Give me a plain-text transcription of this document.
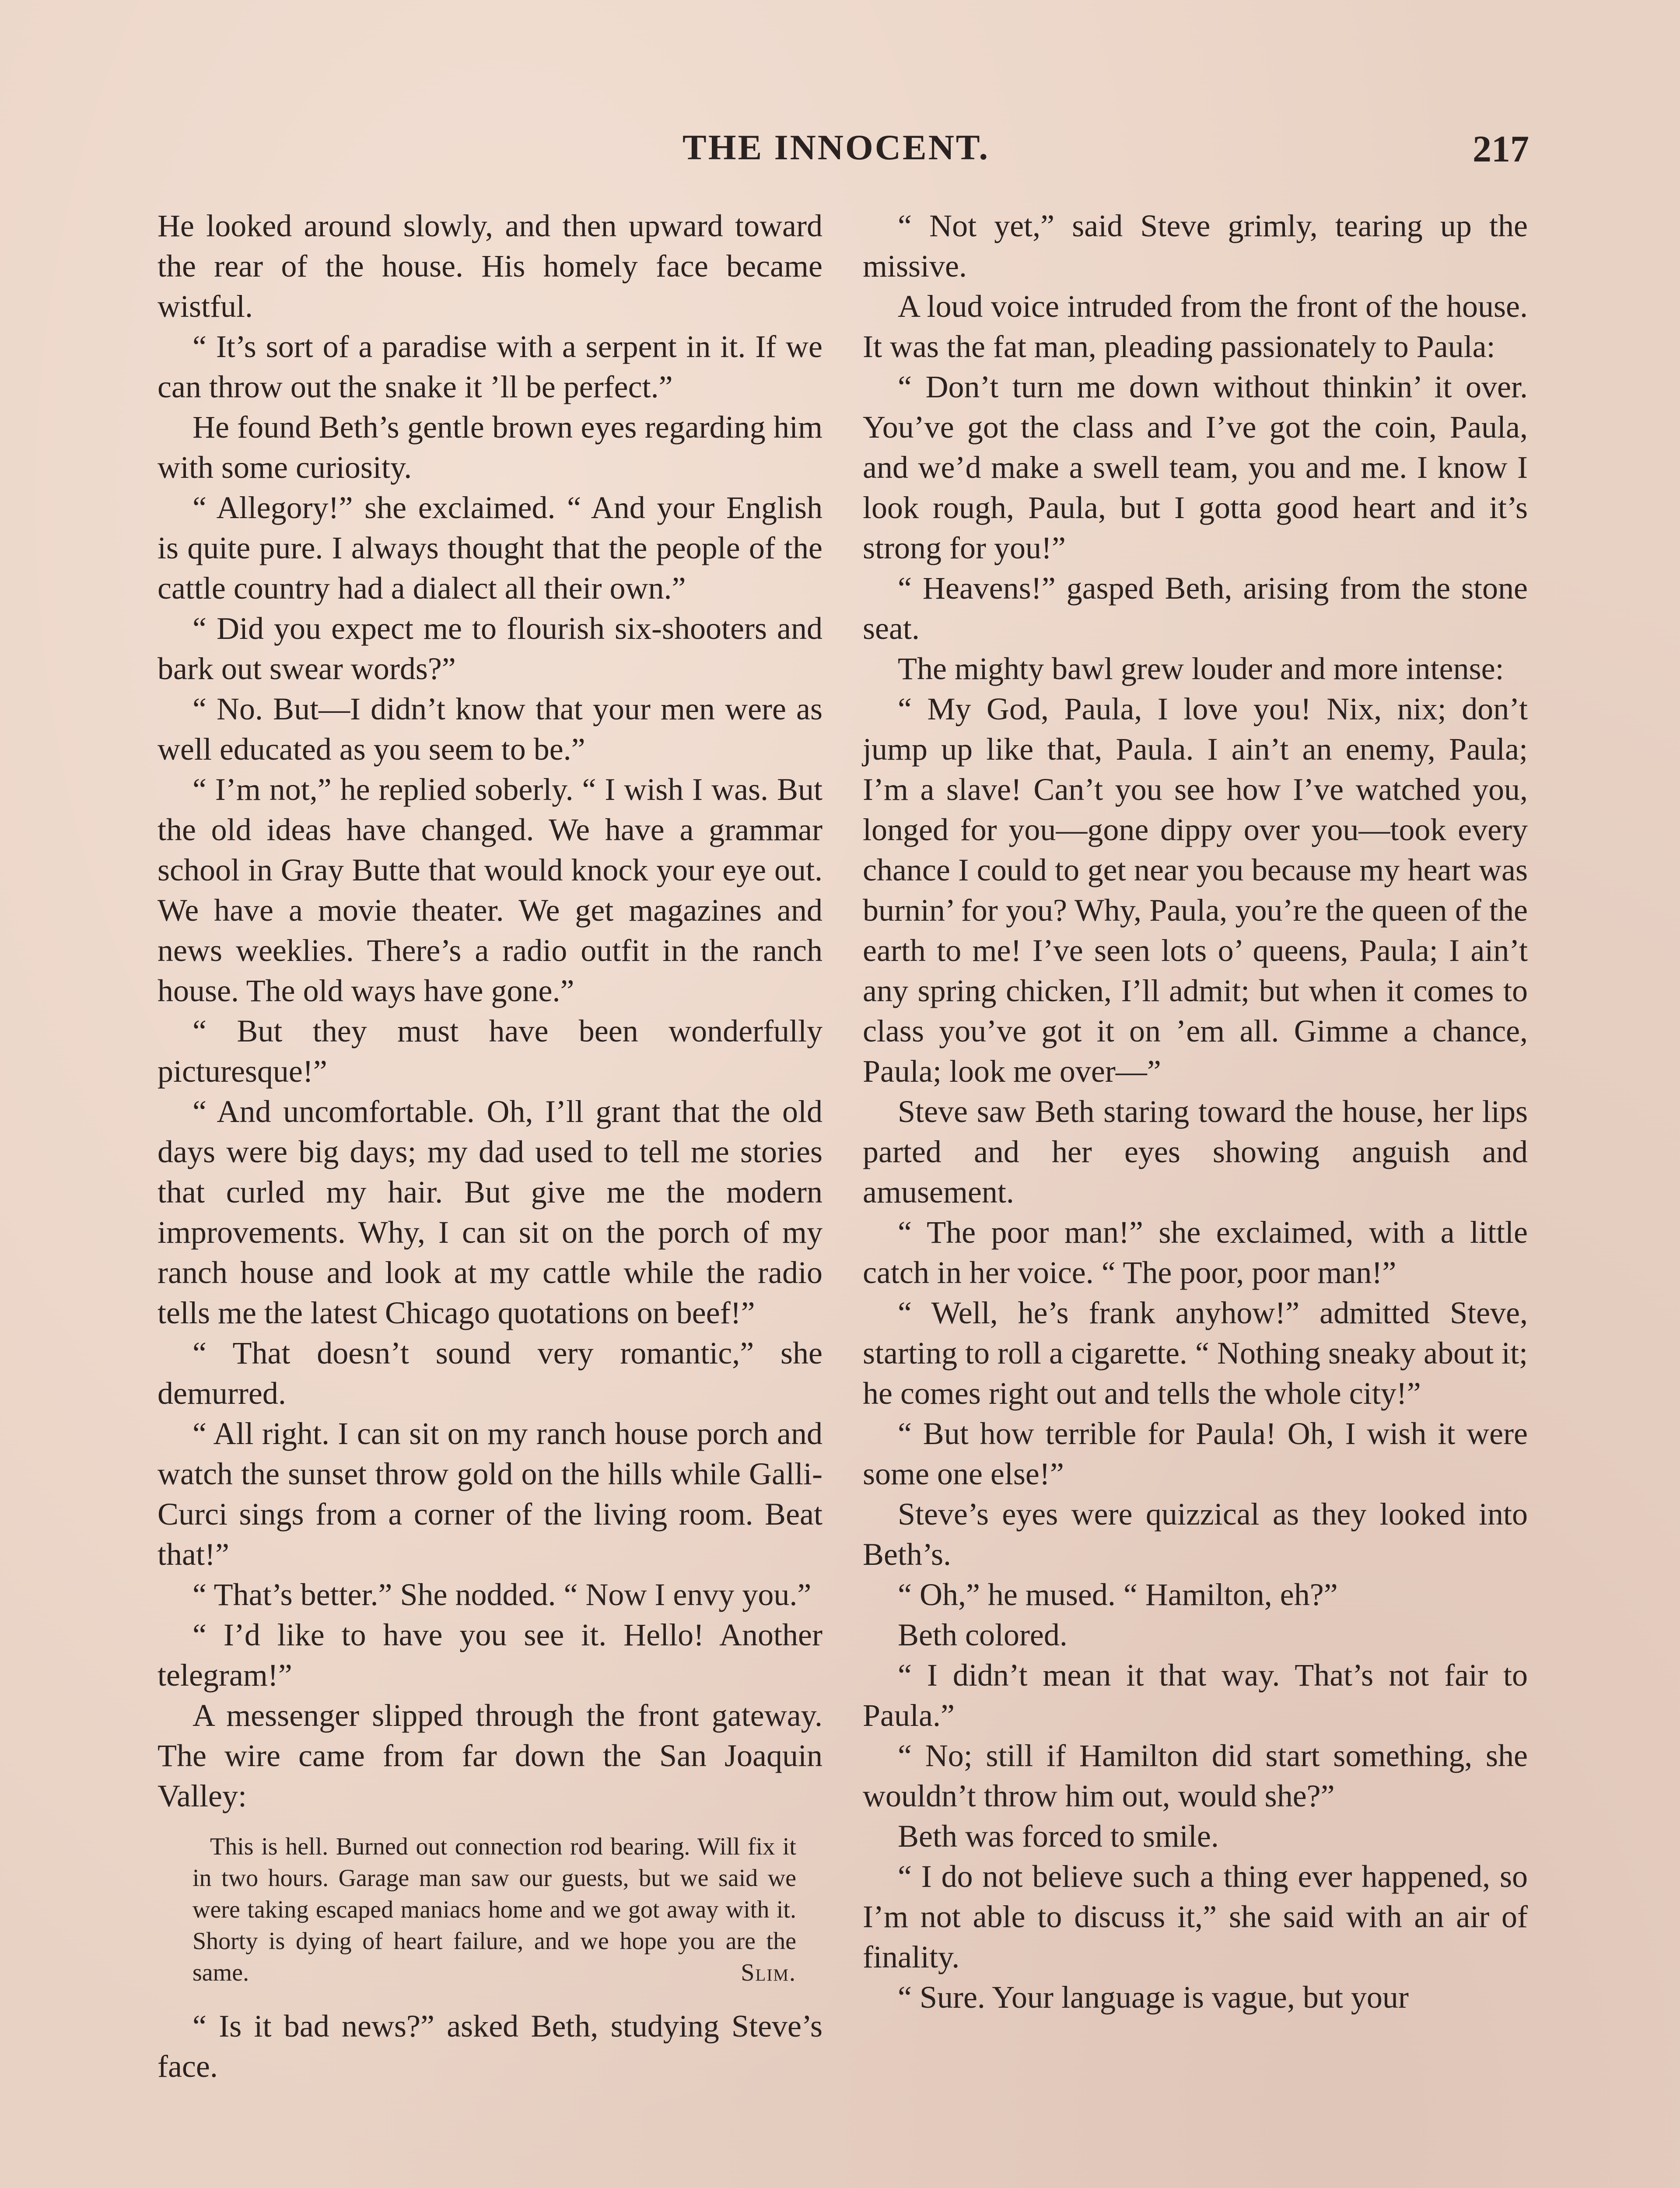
THE INNOCENT.	217

He looked around slowly, and then upward toward the rear of the house. His homely face became wistful.

“ It’s sort of a paradise with a serpent in it. If we can throw out the snake it ’ll be perfect.”

He found Beth’s gentle brown eyes regarding him with some curiosity.

“ Allegory!” she exclaimed. “ And your English is quite pure. I always thought that the people of the cattle country had a dialect all their own.”

“ Did you expect me to flourish six-shooters and bark out swear words?”

“ No. But—I didn’t know that your men were as well educated as you seem to be.”

“ I’m not,” he replied soberly. “ I wish I was. But the old ideas have changed. We have a grammar school in Gray Butte that would knock your eye out. We have a movie theater. We get magazines and news weeklies. There’s a radio outfit in the ranch house. The old ways have gone.”

“ But they must have been wonderfully picturesque!”

“ And uncomfortable. Oh, I’ll grant that the old days were big days; my dad used to tell me stories that curled my hair. But give me the modern improvements. Why, I can sit on the porch of my ranch house and look at my cattle while the radio tells me the latest Chicago quotations on beef!”

“ That doesn’t sound very romantic,” she demurred.

“ All right. I can sit on my ranch house porch and watch the sunset throw gold on the hills while Galli-Curci sings from a corner of the living room. Beat that!”

“ That’s better.” She nodded. “ Now I envy you.”

“ I’d like to have you see it. Hello! Another telegram!”

A messenger slipped through the front gateway. The wire came from far down the San Joaquin Valley:

This is hell. Burned out connection rod bearing. Will fix it in two hours. Garage man saw our guests, but we said we were taking escaped maniacs home and we got away with it. Shorty is dying of heart failure, and we hope you are the same.	Slim.

“ Is it bad news?” asked Beth, studying Steve’s face.

“ Not yet,” said Steve grimly, tearing up the missive.

A loud voice intruded from the front of the house. It was the fat man, pleading passionately to Paula:

“ Don’t turn me down without thinkin’ it over. You’ve got the class and I’ve got the coin, Paula, and we’d make a swell team, you and me. I know I look rough, Paula, but I gotta good heart and it’s strong for you!”

“ Heavens!” gasped Beth, arising from the stone seat.

The mighty bawl grew louder and more intense:

“ My God, Paula, I love you! Nix, nix; don’t jump up like that, Paula. I ain’t an enemy, Paula; I’m a slave! Can’t you see how I’ve watched you, longed for you—gone dippy over you—took every chance I could to get near you because my heart was burnin’ for you? Why, Paula, you’re the queen of the earth to me! I’ve seen lots o’ queens, Paula; I ain’t any spring chicken, I’ll admit; but when it comes to class you’ve got it on ’em all. Gimme a chance, Paula; look me over—”

Steve saw Beth staring toward the house, her lips parted and her eyes showing anguish and amusement.

“ The poor man!” she exclaimed, with a little catch in her voice. “ The poor, poor man!”

“ Well, he’s frank anyhow!” admitted Steve, starting to roll a cigarette. “ Nothing sneaky about it; he comes right out and tells the whole city!”

“ But how terrible for Paula! Oh, I wish it were some one else!”

Steve’s eyes were quizzical as they looked into Beth’s.

“ Oh,” he mused. “ Hamilton, eh?”

Beth colored.

“ I didn’t mean it that way. That’s not fair to Paula.”

“ No; still if Hamilton did start something, she wouldn’t throw him out, would she?”

Beth was forced to smile.

“ I do not believe such a thing ever happened, so I’m not able to discuss it,” she said with an air of finality.

“ Sure. Your language is vague, but your
